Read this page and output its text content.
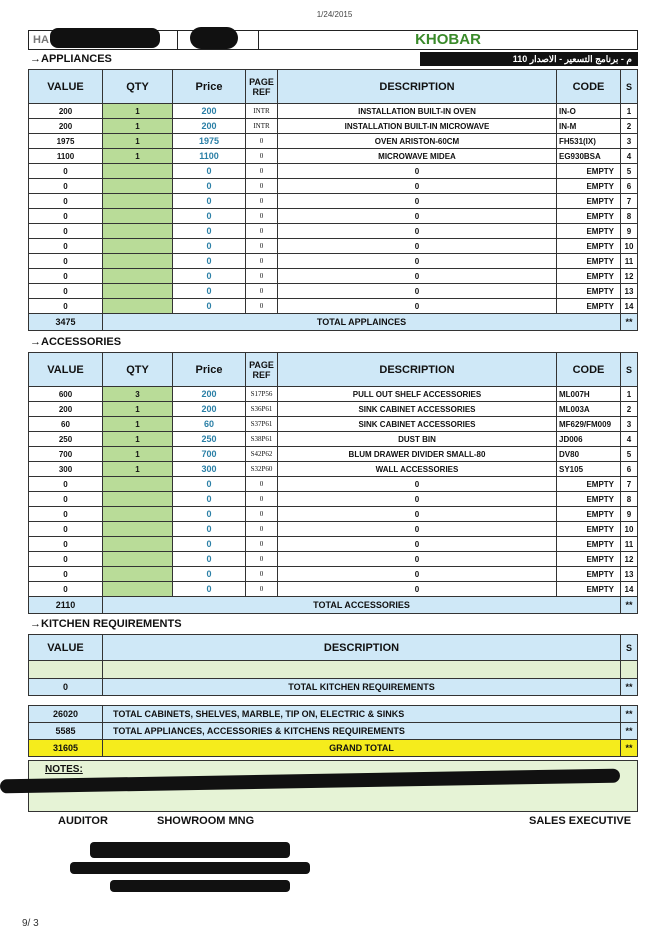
1/24/2015
HA	KHOBAR
م - برنامج التسعير - الاصدار 110
→APPLIANCES
VALUE	QTY	Price	PAGE REF	DESCRIPTION	CODE	S
200	1	200	INTR	INSTALLATION BUILT-IN OVEN	IN-O	1
200	1	200	INTR	INSTALLATION BUILT-IN MICROWAVE	IN-M	2
1975	1	1975	0	OVEN ARISTON-60CM	FH531(IX)	3
1100	1	1100	0	MICROWAVE MIDEA	EG930BSA	4
0		0	0	0	EMPTY	5
0		0	0	0	EMPTY	6
0		0	0	0	EMPTY	7
0		0	0	0	EMPTY	8
0		0	0	0	EMPTY	9
0		0	0	0	EMPTY	10
0		0	0	0	EMPTY	11
0		0	0	0	EMPTY	12
0		0	0	0	EMPTY	13
0		0	0	0	EMPTY	14
3475	TOTAL APPLAINCES					**
→ACCESSORIES
VALUE	QTY	Price	PAGE REF	DESCRIPTION	CODE	S
600	3	200	S17P56	PULL OUT SHELF ACCESSORIES	ML007H	1
200	1	200	S36P61	SINK CABINET ACCESSORIES	ML003A	2
60	1	60	S37P61	SINK CABINET ACCESSORIES	MF629/FM009	3
250	1	250	S38P61	DUST BIN	JD006	4
700	1	700	S42P62	BLUM DRAWER DIVIDER SMALL-80	DV80	5
300	1	300	S32P60	WALL ACCESSORIES	SY105	6
0		0	0	0	EMPTY	7
0		0	0	0	EMPTY	8
0		0	0	0	EMPTY	9
0		0	0	0	EMPTY	10
0		0	0	0	EMPTY	11
0		0	0	0	EMPTY	12
0		0	0	0	EMPTY	13
0		0	0	0	EMPTY	14
2110	TOTAL ACCESSORIES					**
→KITCHEN REQUIREMENTS
VALUE	DESCRIPTION	S

0	TOTAL KITCHEN REQUIREMENTS	**
26020	TOTAL CABINETS, SHELVES, MARBLE, TIP ON, ELECTRIC & SINKS	**
5585	TOTAL APPLIANCES, ACCESSORIES & KITCHENS REQUIREMENTS	**
31605	GRAND TOTAL	**
NOTES:
AUDITOR	SHOWROOM MNG	SALES EXECUTIVE
9/ 3
